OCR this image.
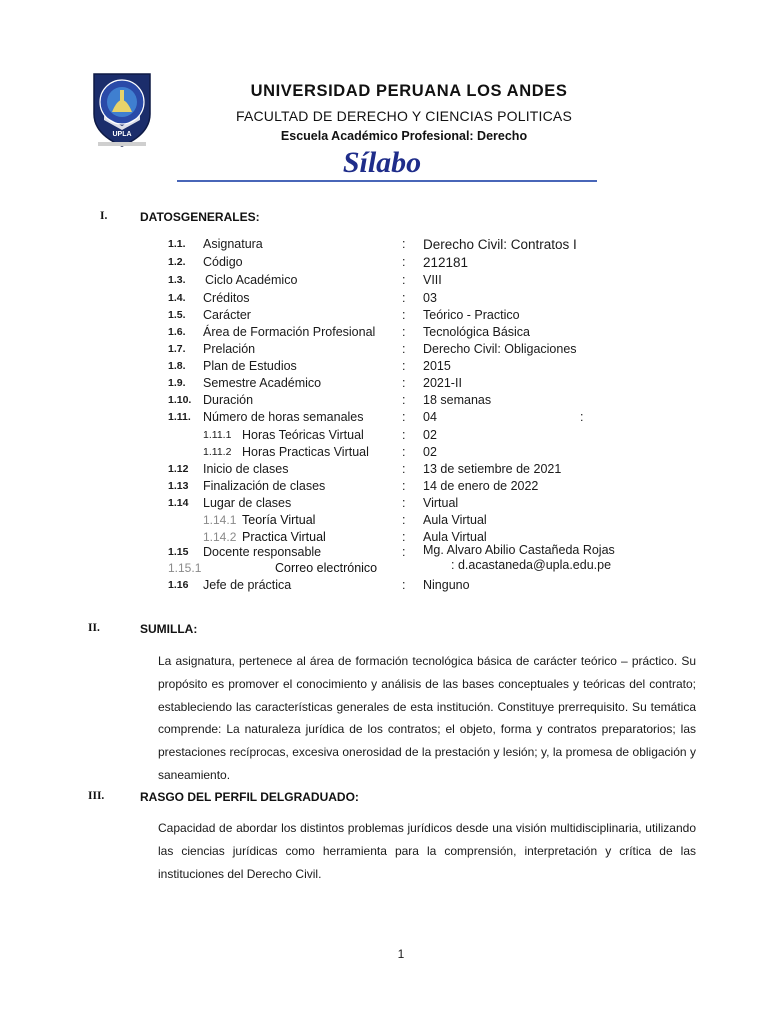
UPLA
UNIVERSIDAD PERUANA LOS ANDES
FACULTAD DE DERECHO Y CIENCIAS POLITICAS
Escuela Académico Profesional: Derecho
Sílabo
I.	DATOSGENERALES:
1.1. Asignatura	: Derecho Civil: Contratos I
1.2. Código	: 212181
1.3. Ciclo Académico	: VIII
1.4. Créditos	: 03
1.5. Carácter	: Teórico - Practico
1.6. Área de Formación Profesional : Tecnológica Básica
1.7. Prelación	: Derecho Civil: Obligaciones
1.8. Plan de Estudios	: 2015
1.9. Semestre Académico	: 2021-II
1.10. Duración	: 18 semanas
1.11. Número de horas semanales	: 04	:
1.11.1 Horas Teóricas Virtual	: 02
1.11.2 Horas Practicas Virtual	: 02
1.12 Inicio de clases	: 13 de setiembre de 2021
1.13 Finalización de clases	: 14 de enero de 2022
1.14 Lugar de clases	: Virtual
1.14.1 Teoría Virtual	: Aula Virtual
1.14.2 Practica Virtual	: Aula Virtual
1.15 Docente responsable	: Mg. Alvaro Abilio Castañeda Rojas
1.15.1	Correo electrónico	: d.acastaneda@upla.edu.pe
1.16 Jefe de práctica	: Ninguno
II.	SUMILLA:
La asignatura, pertenece al área de formación tecnológica básica de carácter teórico – práctico. Su propósito es promover el conocimiento y análisis de las bases conceptuales y teóricas del contrato; estableciendo las características generales de esta institución. Constituye prerrequisito. Su temática comprende: La naturaleza jurídica de los contratos; el objeto, forma y contratos preparatorios; las prestaciones recíprocas, excesiva onerosidad de la prestación y lesión; y, la promesa de obligación y saneamiento.
III.	RASGO DEL PERFIL DELGRADUADO:
Capacidad de abordar los distintos problemas jurídicos desde una visión multidisciplinaria, utilizando las ciencias jurídicas como herramienta para la comprensión, interpretación y crítica de las instituciones del Derecho Civil.
1
